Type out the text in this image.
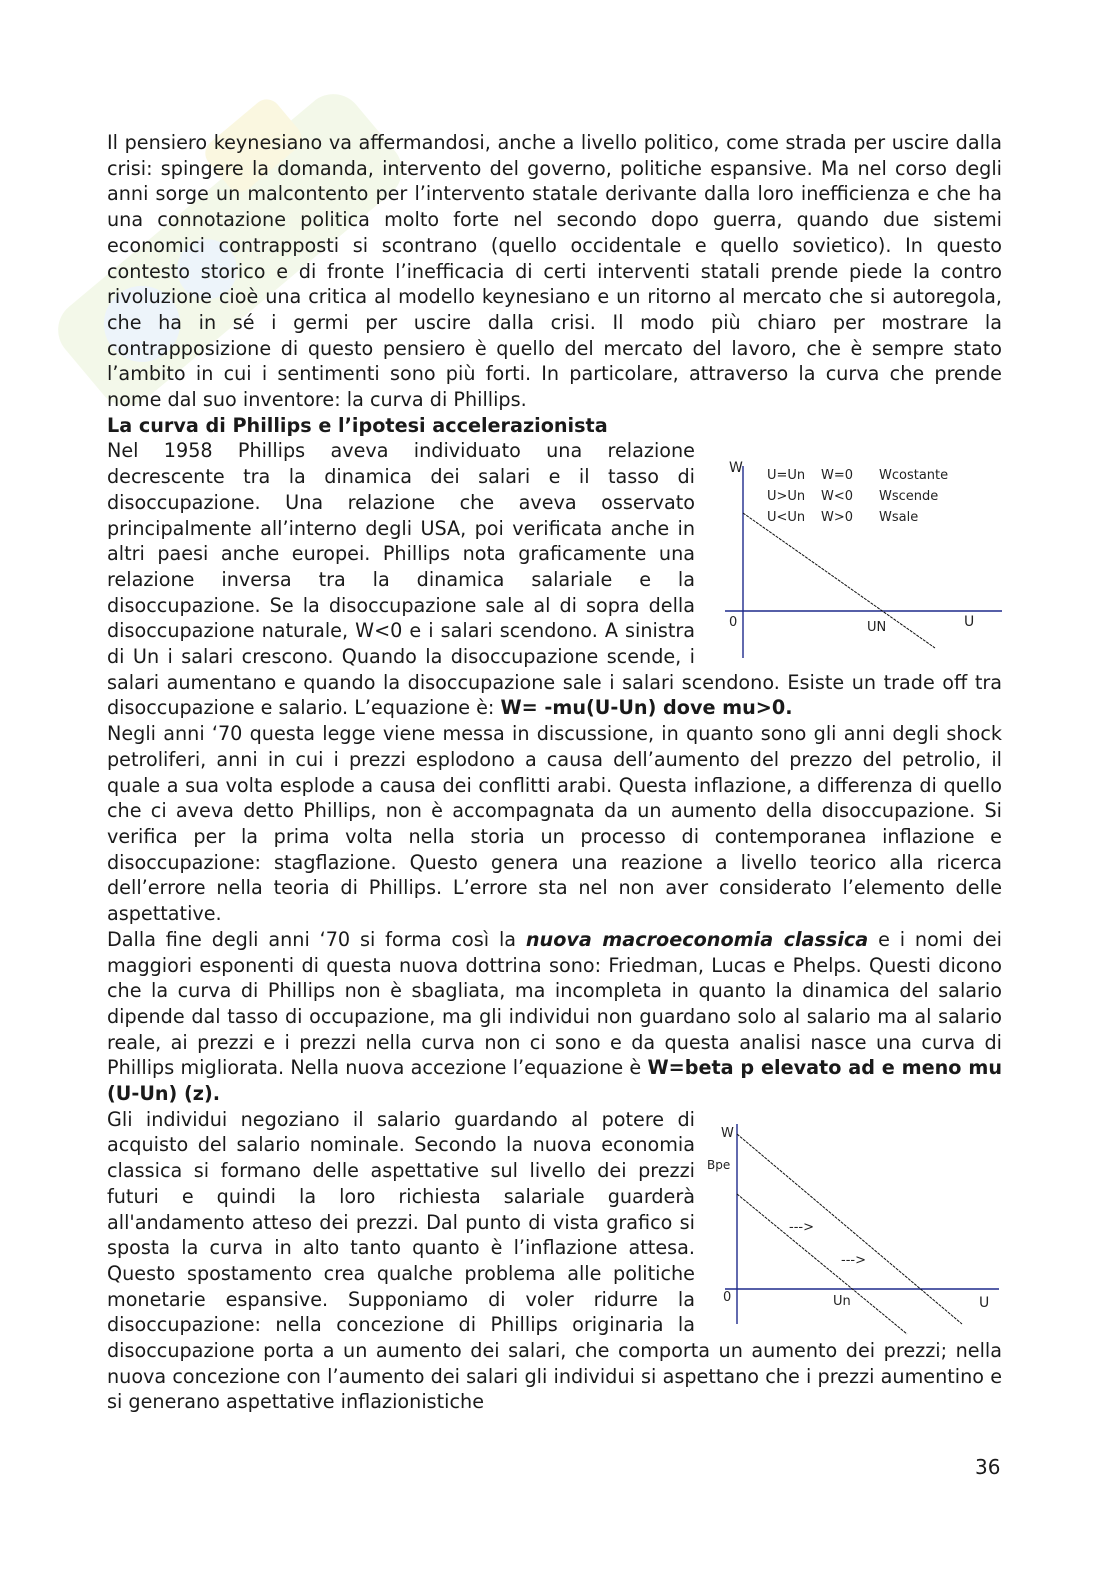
Il pensiero keynesiano va affermandosi, anche a livello politico, come strada per uscire dalla crisi: spingere la domanda, intervento del governo, politiche espansive. Ma nel corso degli anni sorge un malcontento per l’intervento statale derivante dalla loro inefficienza e che ha una connotazione politica molto forte nel secondo dopo guerra, quando due sistemi economici contrapposti si scontrano (quello occidentale e quello sovietico). In questo contesto storico e di fronte l’inefficacia di certi interventi statali prende piede la contro rivoluzione cioè una critica al modello keynesiano e un ritorno al mercato che si autoregola, che ha in sé i germi per uscire dalla crisi. Il modo più chiaro per mostrare la contrapposizione di questo pensiero è quello del mercato del lavoro, che è sempre stato l’ambito in cui i sentimenti sono più forti. In particolare, attraverso la curva che prende nome dal suo inventore: la curva di Phillips.

La curva di Phillips e l’ipotesi accelerazionista

W
U
0	UN
U=Un W=0 Wcostante
U>Un W<0 Wscende
U<Un W>0 Wsale

Nel 1958 Phillips aveva individuato una relazione decrescente tra la dinamica dei salari e il tasso di disoccupazione. Una relazione che aveva osservato principalmente all’interno degli USA, poi verificata anche in altri paesi anche europei. Phillips nota graficamente una relazione inversa tra la dinamica salariale e la disoccupazione. Se la disoccupazione sale al di sopra della disoccupazione naturale, W<0 e i salari scendono. A sinistra di Un i salari crescono. Quando la disoccupazione scende, i salari aumentano e quando la disoccupazione sale i salari scendono. Esiste un trade off tra disoccupazione e salario. L’equazione è: W= -mu(U-Un) dove mu>0.

Negli anni ‘70 questa legge viene messa in discussione, in quanto sono gli anni degli shock petroliferi, anni in cui i prezzi esplodono a causa dell’aumento del prezzo del petrolio, il quale a sua volta esplode a causa dei conflitti arabi. Questa inflazione, a differenza di quello che ci aveva detto Phillips, non è accompagnata da un aumento della disoccupazione. Si verifica per la prima volta nella storia un processo di contemporanea inflazione e disoccupazione: stagflazione. Questo genera una reazione a livello teorico alla ricerca dell’errore nella teoria di Phillips. L’errore sta nel non aver considerato l’elemento delle aspettative.

Dalla fine degli anni ‘70 si forma così la nuova macroeconomia classica e i nomi dei maggiori esponenti di questa nuova dottrina sono: Friedman, Lucas e Phelps. Questi dicono che la curva di Phillips non è sbagliata, ma incompleta in quanto la dinamica del salario dipende dal tasso di occupazione, ma gli individui non guardano solo al salario ma al salario reale, ai prezzi e i prezzi nella curva non ci sono e da questa analisi nasce una curva di Phillips migliorata. Nella nuova accezione l’equazione è W=beta p elevato ad e meno mu (U-Un) (z).

W
Bpe
U
0	Un
--->
--->

Gli individui negoziano il salario guardando al potere di acquisto del salario nominale. Secondo la nuova economia classica si formano delle aspettative sul livello dei prezzi futuri e quindi la loro richiesta salariale guarderà all'andamento atteso dei prezzi. Dal punto di vista grafico si sposta la curva in alto tanto quanto è l’inflazione attesa. Questo spostamento crea qualche problema alle politiche monetarie espansive. Supponiamo di voler ridurre la disoccupazione: nella concezione di Phillips originaria la disoccupazione porta a un aumento dei salari, che comporta un aumento dei prezzi; nella nuova concezione con l’aumento dei salari gli individui si aspettano che i prezzi aumentino e si generano aspettative inflazionistiche

36
